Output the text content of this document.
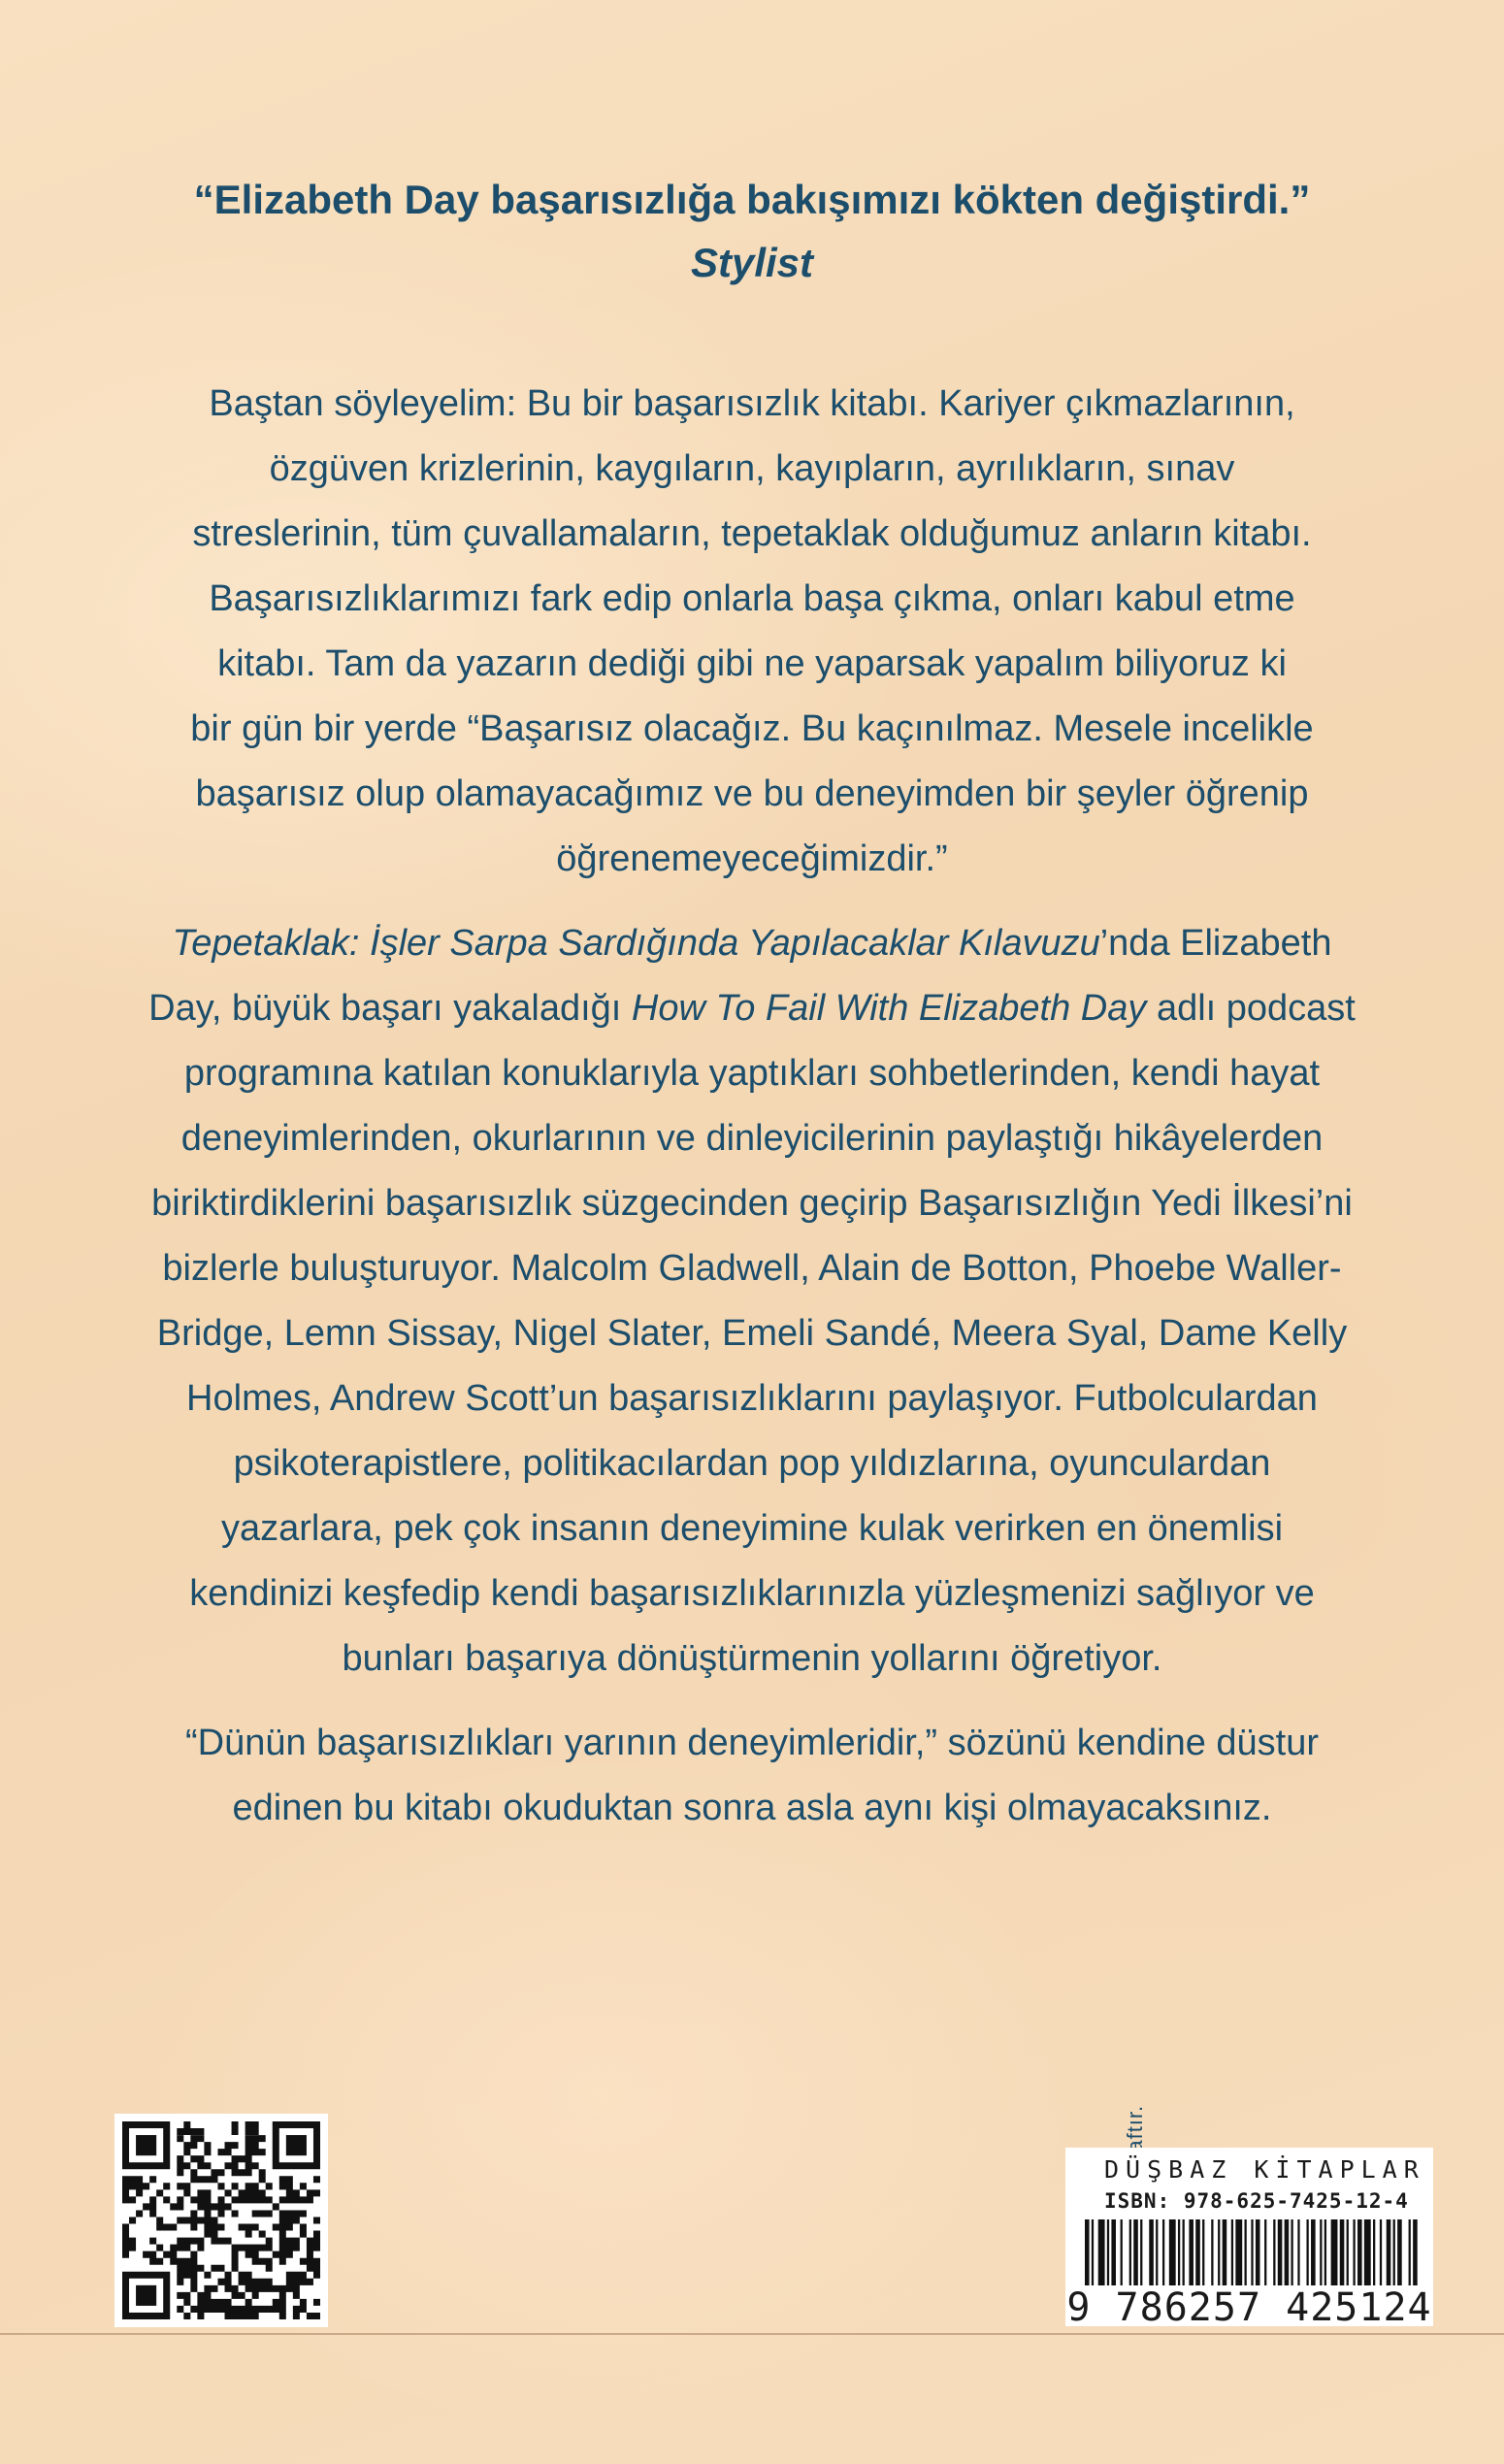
“Elizabeth Day başarısızlığa bakışımızı kökten değiştirdi.”
Stylist
Baştan söyleyelim: Bu bir başarısızlık kitabı. Kariyer çıkmazlarının,
özgüven krizlerinin, kaygıların, kayıpların, ayrılıkların, sınav
streslerinin, tüm çuvallamaların, tepetaklak olduğumuz anların kitabı.
Başarısızlıklarımızı fark edip onlarla başa çıkma, onları kabul etme
kitabı. Tam da yazarın dediği gibi ne yaparsak yapalım biliyoruz ki
bir gün bir yerde “Başarısız olacağız. Bu kaçınılmaz. Mesele incelikle
başarısız olup olamayacağımız ve bu deneyimden bir şeyler öğrenip
öğrenemeyeceğimizdir.”
Tepetaklak: İşler Sarpa Sardığında Yapılacaklar Kılavuzu’nda Elizabeth
Day, büyük başarı yakaladığı How To Fail With Elizabeth Day adlı podcast
programına katılan konuklarıyla yaptıkları sohbetlerinden, kendi hayat
deneyimlerinden, okurlarının ve dinleyicilerinin paylaştığı hikâyelerden
biriktirdiklerini başarısızlık süzgecinden geçirip Başarısızlığın Yedi İlkesi’ni
bizlerle buluşturuyor. Malcolm Gladwell, Alain de Botton, Phoebe Waller-
Bridge, Lemn Sissay, Nigel Slater, Emeli Sandé, Meera Syal, Dame Kelly
Holmes, Andrew Scott’un başarısızlıklarını paylaşıyor. Futbolculardan
psikoterapistlere, politikacılardan pop yıldızlarına, oyunculardan
yazarlara, pek çok insanın deneyimine kulak verirken en önemlisi
kendinizi keşfedip kendi başarısızlıklarınızla yüzleşmenizi sağlıyor ve
bunları başarıya dönüştürmenin yollarını öğretiyor.
“Dünün başarısızlıkları yarının deneyimleridir,” sözünü kendine düstur
edinen bu kitabı okuduktan sonra asla aynı kişi olmayacaksınız.
DÜŞBAZ KİTAPLAR
ISBN: 978-625-7425-12-4
9 786257 425124
